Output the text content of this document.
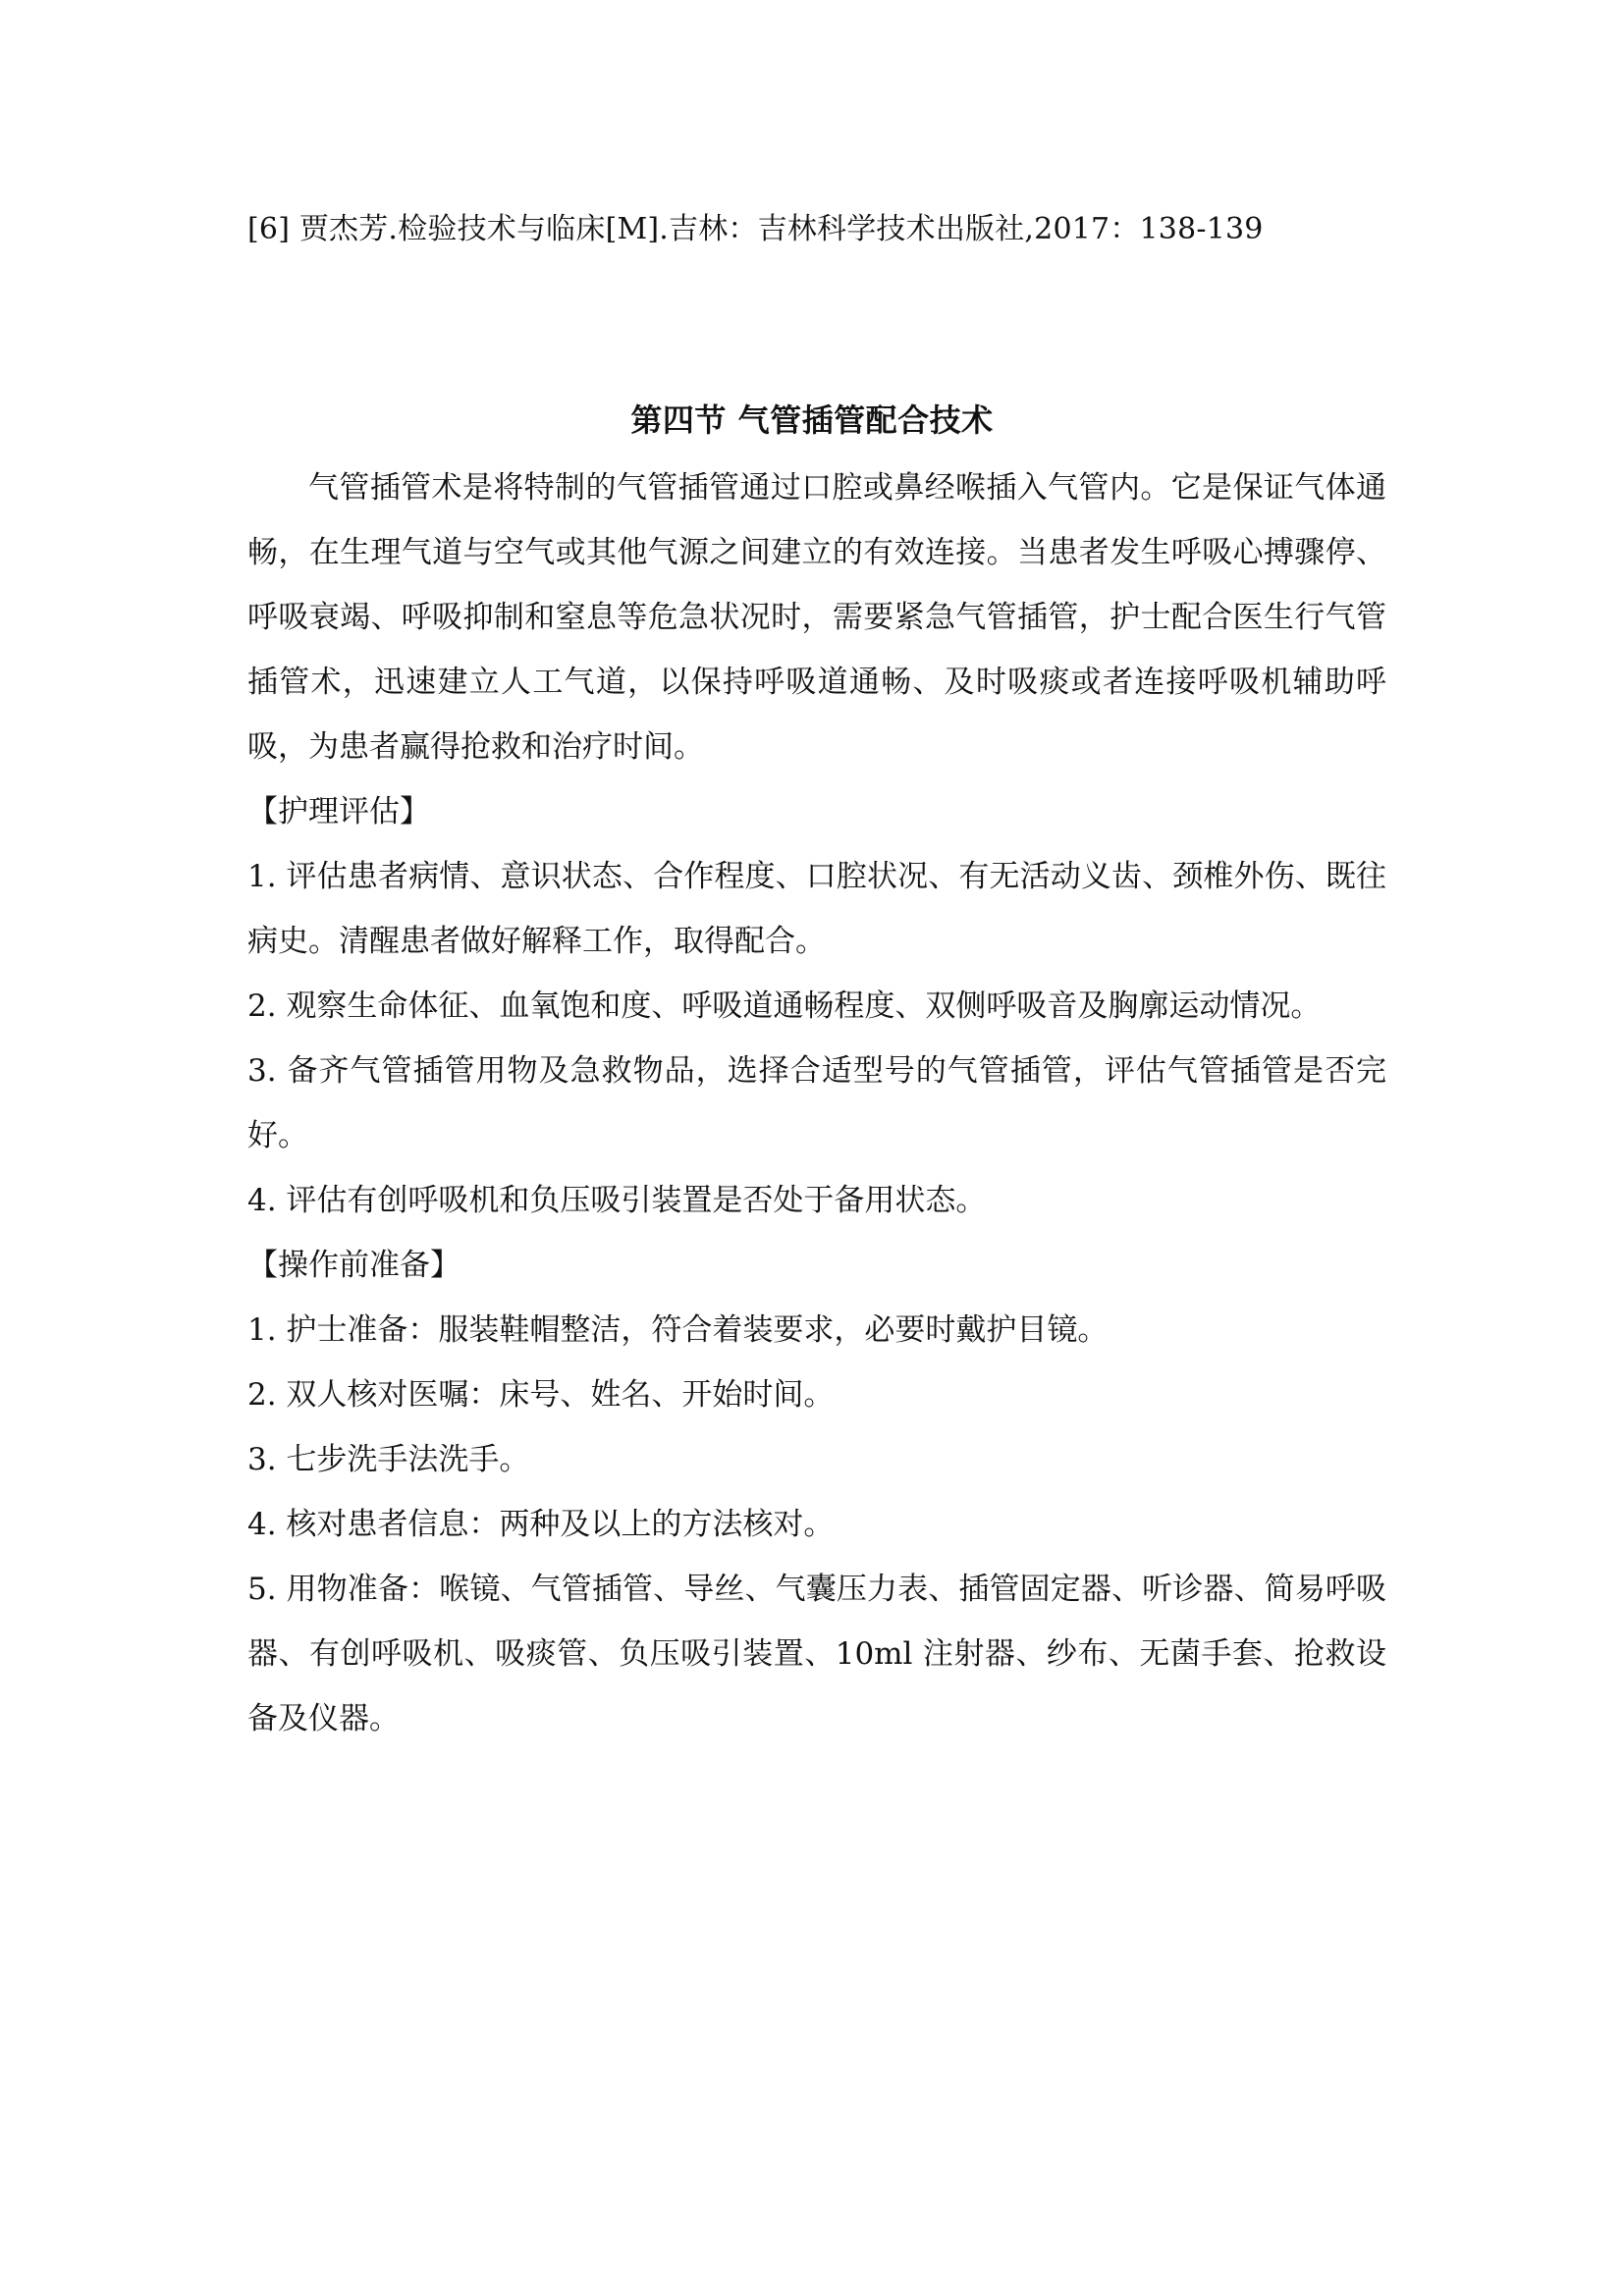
[6] 贾杰芳.检验技术与临床[M].吉林：吉林科学技术出版社,2017：138-139
第四节 气管插管配合技术

气管插管术是将特制的气管插管通过口腔或鼻经喉插入气管内。它是保证气体通畅，在生理气道与空气或其他气源之间建立的有效连接。当患者发生呼吸心搏骤停、呼吸衰竭、呼吸抑制和窒息等危急状况时，需要紧急气管插管，护士配合医生行气管插管术，迅速建立人工气道，以保持呼吸道通畅、及时吸痰或者连接呼吸机辅助呼吸，为患者赢得抢救和治疗时间。

【护理评估】

1. 评估患者病情、意识状态、合作程度、口腔状况、有无活动义齿、颈椎外伤、既往病史。清醒患者做好解释工作，取得配合。

2. 观察生命体征、血氧饱和度、呼吸道通畅程度、双侧呼吸音及胸廓运动情况。

3. 备齐气管插管用物及急救物品，选择合适型号的气管插管，评估气管插管是否完好。

4. 评估有创呼吸机和负压吸引装置是否处于备用状态。

【操作前准备】

1. 护士准备：服装鞋帽整洁，符合着装要求，必要时戴护目镜。

2. 双人核对医嘱：床号、姓名、开始时间。

3. 七步洗手法洗手。

4. 核对患者信息：两种及以上的方法核对。

5. 用物准备：喉镜、气管插管、导丝、气囊压力表、插管固定器、听诊器、简易呼吸器、有创呼吸机、吸痰管、负压吸引装置、10ml 注射器、纱布、无菌手套、抢救设备及仪器。
